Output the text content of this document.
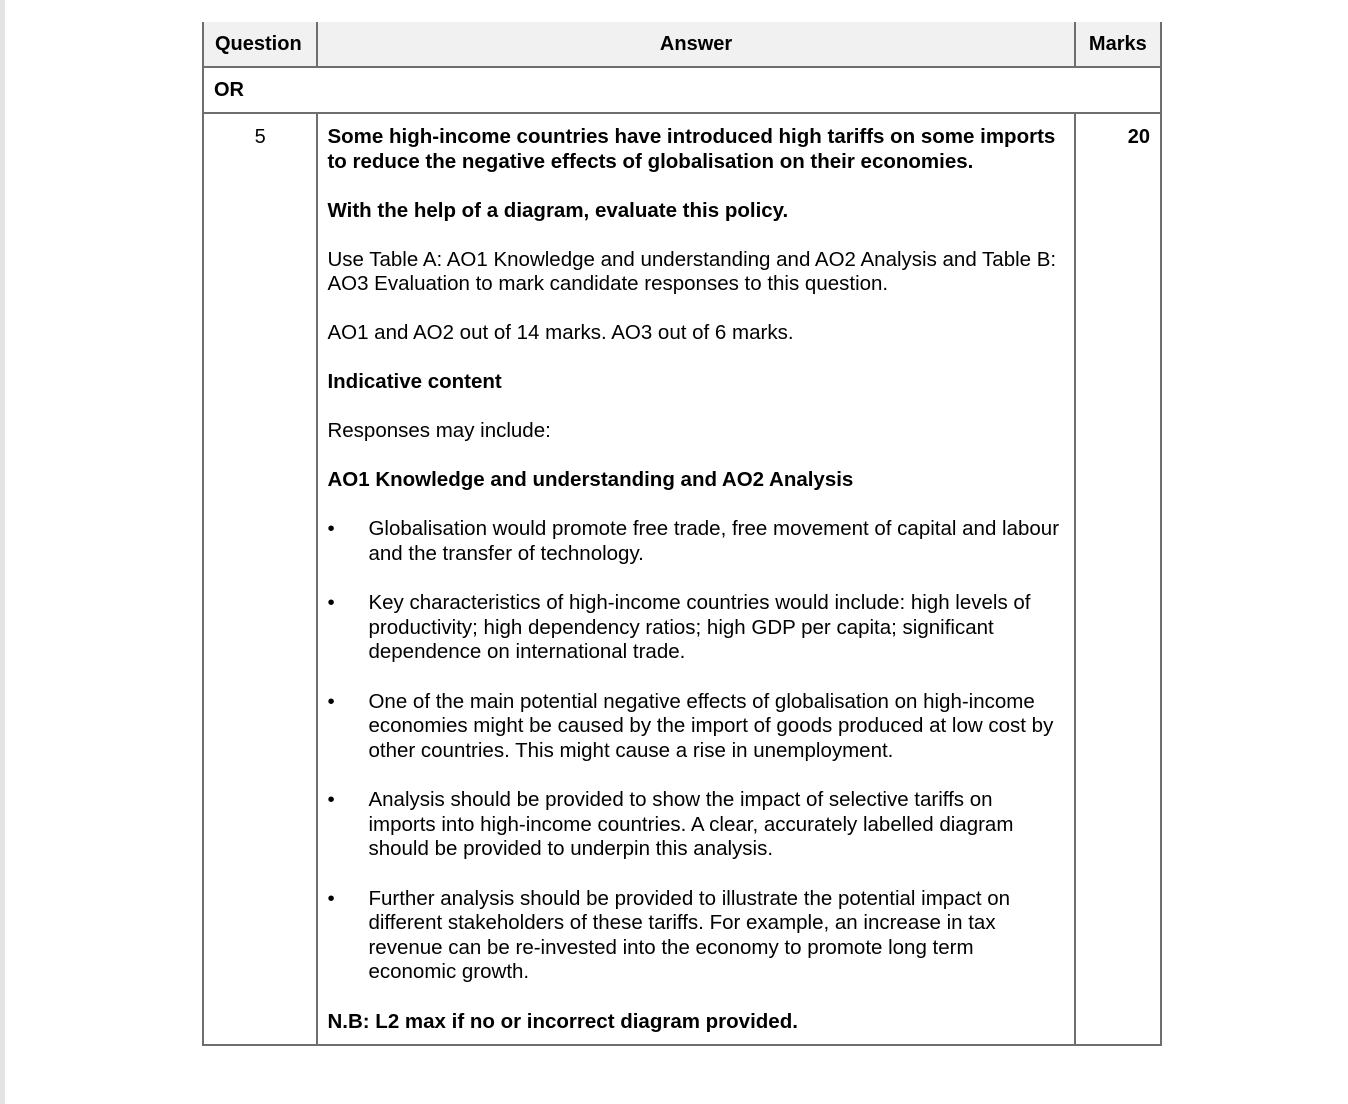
Question	Answer	Marks
OR		
5	Some high-income countries have introduced high tariffs on some imports to reduce the negative effects of globalisation on their economies.

With the help of a diagram, evaluate this policy.

Use Table A: AO1 Knowledge and understanding and AO2 Analysis and Table B: AO3 Evaluation to mark candidate responses to this question.

AO1 and AO2 out of 14 marks. AO3 out of 6 marks.

Indicative content

Responses may include:

AO1 Knowledge and understanding and AO2 Analysis

•	Globalisation would promote free trade, free movement of capital and labour and the transfer of technology.
•	Key characteristics of high-income countries would include: high levels of productivity; high dependency ratios; high GDP per capita; significant dependence on international trade.
•	One of the main potential negative effects of globalisation on high-income economies might be caused by the import of goods produced at low cost by other countries. This might cause a rise in unemployment.
•	Analysis should be provided to show the impact of selective tariffs on imports into high-income countries. A clear, accurately labelled diagram should be provided to underpin this analysis.
•	Further analysis should be provided to illustrate the potential impact on different stakeholders of these tariffs. For example, an increase in tax revenue can be re-invested into the economy to promote long term economic growth.

N.B: L2 max if no or incorrect diagram provided.

	20
